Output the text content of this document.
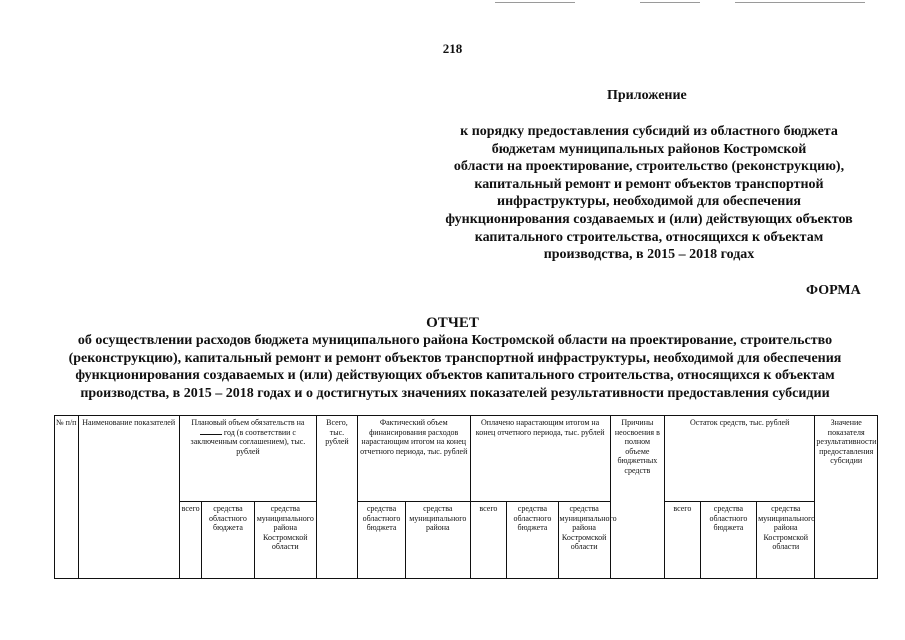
218
Приложение
к порядку предоставления субсидий из областного бюджета
бюджетам муниципальных районов Костромской
области на проектирование, строительство (реконструкцию),
капитальный ремонт и ремонт объектов транспортной
инфраструктуры, необходимой для обеспечения
функционирования создаваемых и (или) действующих объектов
капитального строительства, относящихся к объектам
производства, в 2015 – 2018 годах
ФОРМА
ОТЧЕТ
об осуществлении расходов бюджета муниципального района Костромской области на проектирование, строительство
(реконструкцию), капитальный ремонт и ремонт объектов транспортной инфраструктуры, необходимой для обеспечения
функционирования создаваемых и (или) действующих объектов капитального строительства, относящихся к объектам
производства, в 2015 – 2018 годах и о достигнутых значениях показателей результативности предоставления субсидии
№ п/п	Наименование показателей	Плановый объем обязательств на  год (в соответствии с заключенным соглашением), тыс. рублей			Всего, тыс. рублей	Фактический объем финансирования расходов нарастающим итогом на конец отчетного периода, тыс. рублей		Оплачено нарастающим итогом на конец отчетного периода, тыс. рублей			Причины неосвоения в полном объеме бюджетных средств	Остаток средств, тыс. рублей			Значение показателя результативности предоставления субсидии
		всего	средства областного бюджета	средства муниципального района Костромской области		средства областного бюджета	средства муниципального района	всего	средства областного бюджета	средства муниципального района Костромской области		всего	средства областного бюджета	средства муниципального района Костромской области	
